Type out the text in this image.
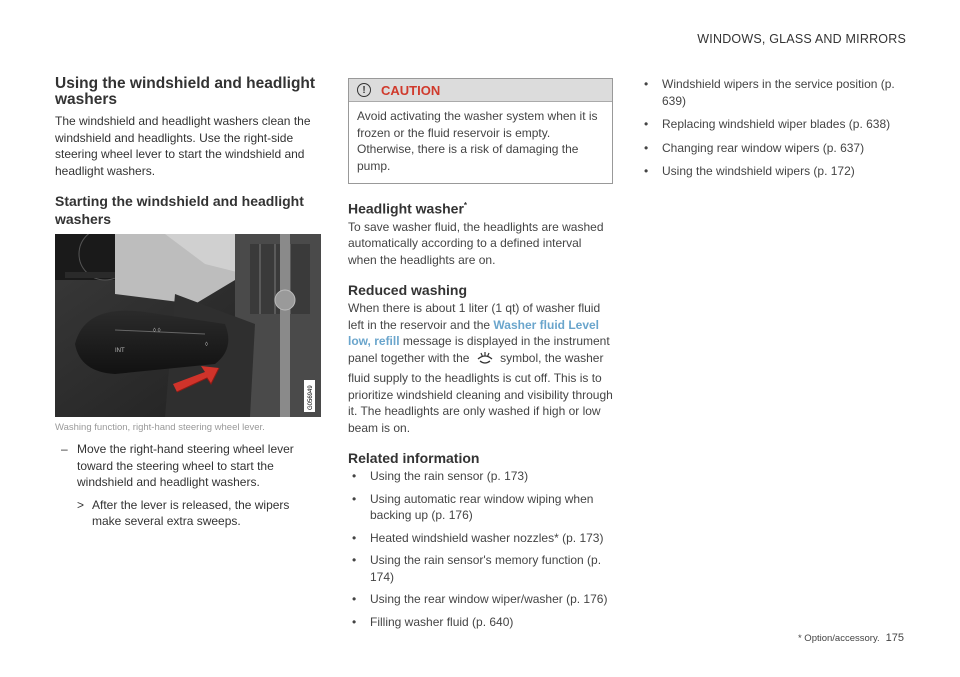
WINDOWS, GLASS AND MIRRORS
Using the windshield and headlight washers

The windshield and headlight washers clean the windshield and headlights. Use the right-side steering wheel lever to start the windshield and headlight washers.

Starting the windshield and headlight washers
INT
◊ ◊
◊
G056949
Washing function, right-hand steering wheel lever.
– Move the right-hand steering wheel lever toward the steering wheel to start the windshield and headlight washers.
> After the lever is released, the wipers make several extra sweeps.
!	CAUTION
Avoid activating the washer system when it is frozen or the fluid reservoir is empty. Otherwise, there is a risk of damaging the pump.
Headlight washer*

To save washer fluid, the headlights are washed automatically according to a defined interval when the headlights are on.

Reduced washing

When there is about 1 liter (1 qt) of washer fluid left in the reservoir and the Washer fluid Level low, refill message is displayed in the instrument panel together with the  symbol, the washer fluid supply to the headlights is cut off. This is to prioritize windshield cleaning and visibility through it. The headlights are only washed if high or low beam is on.

Related information
• Using the rain sensor (p. 173)
• Using automatic rear window wiping when backing up (p. 176)
• Heated windshield washer nozzles* (p. 173)
• Using the rain sensor's memory function (p. 174)
• Using the rear window wiper/washer (p. 176)
• Filling washer fluid (p. 640)
• Windshield wipers in the service position (p. 639)
• Replacing windshield wiper blades (p. 638)
• Changing rear window wipers (p. 637)
• Using the windshield wipers (p. 172)
* Option/accessory. 175
